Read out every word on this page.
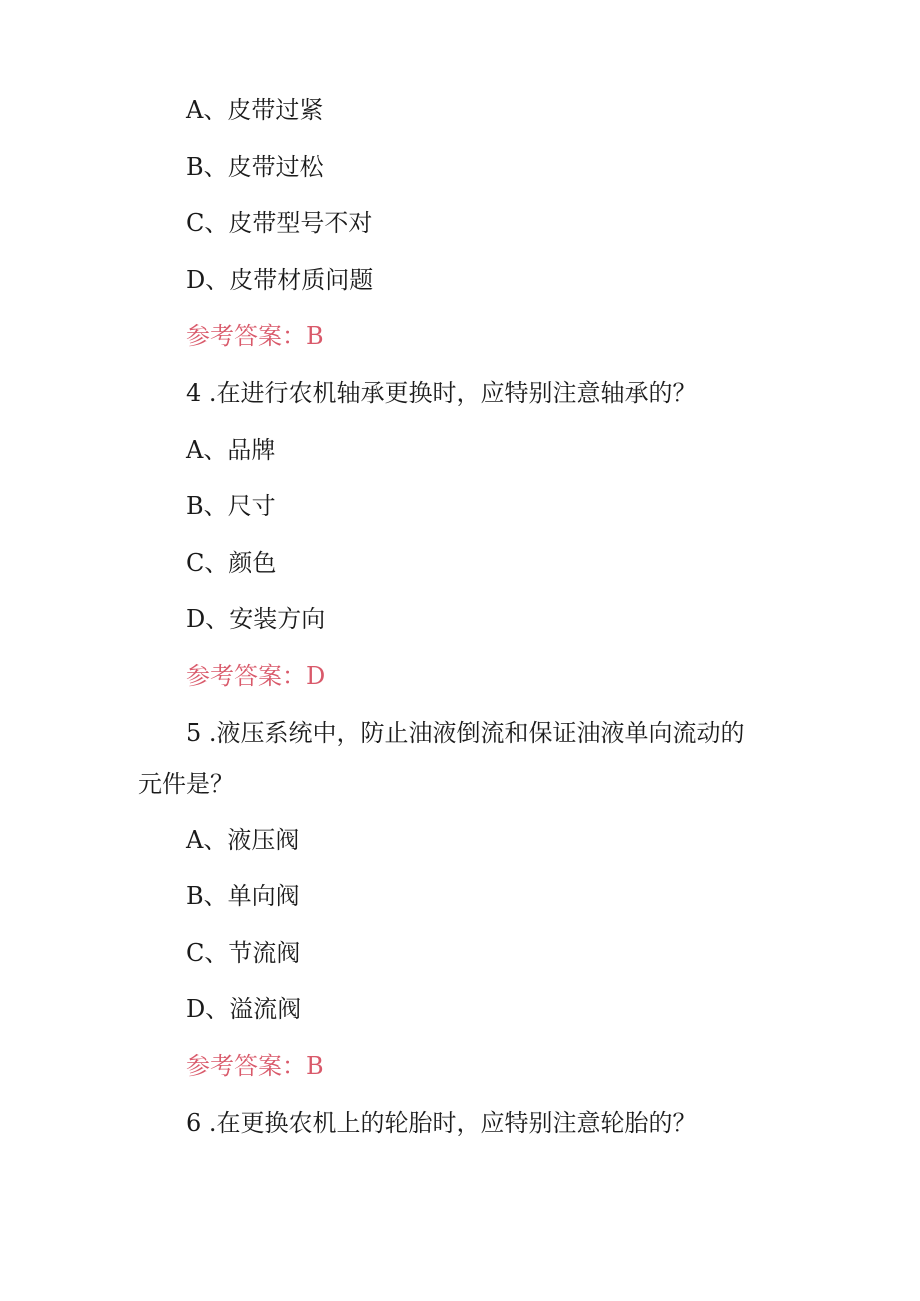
A、皮带过紧
B、皮带过松
C、皮带型号不对
D、皮带材质问题
参考答案：B
4 .在进行农机轴承更换时，应特别注意轴承的？
A、品牌
B、尺寸
C、颜色
D、安装方向
参考答案：D
5 .液压系统中，防止油液倒流和保证油液单向流动的
元件是？
A、液压阀
B、单向阀
C、节流阀
D、溢流阀
参考答案：B
6 .在更换农机上的轮胎时，应特别注意轮胎的？
